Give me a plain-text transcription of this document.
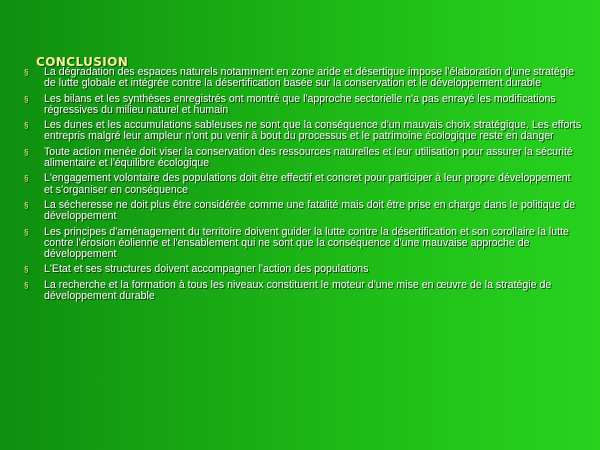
CONCLUSION
§	La dégradation des espaces naturels notamment en zone aride et désertique impose l'élaboration d'une stratégie de lutte globale et intégrée contre la désertification basée sur la conservation et le développement durable
§	Les bilans et les synthèses enregistrés ont montré que l'approche sectorielle n'a pas enrayé les modifications régressives du milieu naturel et humain
§	Les dunes et les accumulations sableuses ne sont que la conséquence d'un mauvais choix stratégique. Les efforts entrepris malgré leur ampleur n'ont pu venir à bout du processus et le patrimoine écologique reste en danger
§	Toute action menée doit viser la conservation des ressources naturelles et leur utilisation pour assurer la sécurité alimentaire et l'équilibre écologique
§	L'engagement volontaire des populations doit être effectif et concret pour participer à leur propre développement et s'organiser en conséquence
§	La sécheresse ne doit plus être considérée comme une fatalité mais doit être prise en charge dans le politique de développement
§	Les principes d'aménagement du territoire doivent guider la lutte contre la désertification et son corollaire la lutte contre l'érosion éolienne et l'ensablement qui ne sont que la conséquence d'une mauvaise approche de développement
§	L'Etat et ses structures doivent accompagner l'action des populations
§	La recherche et la formation à tous les niveaux constituent le moteur d'une mise en œuvre de la stratégie de développement durable
